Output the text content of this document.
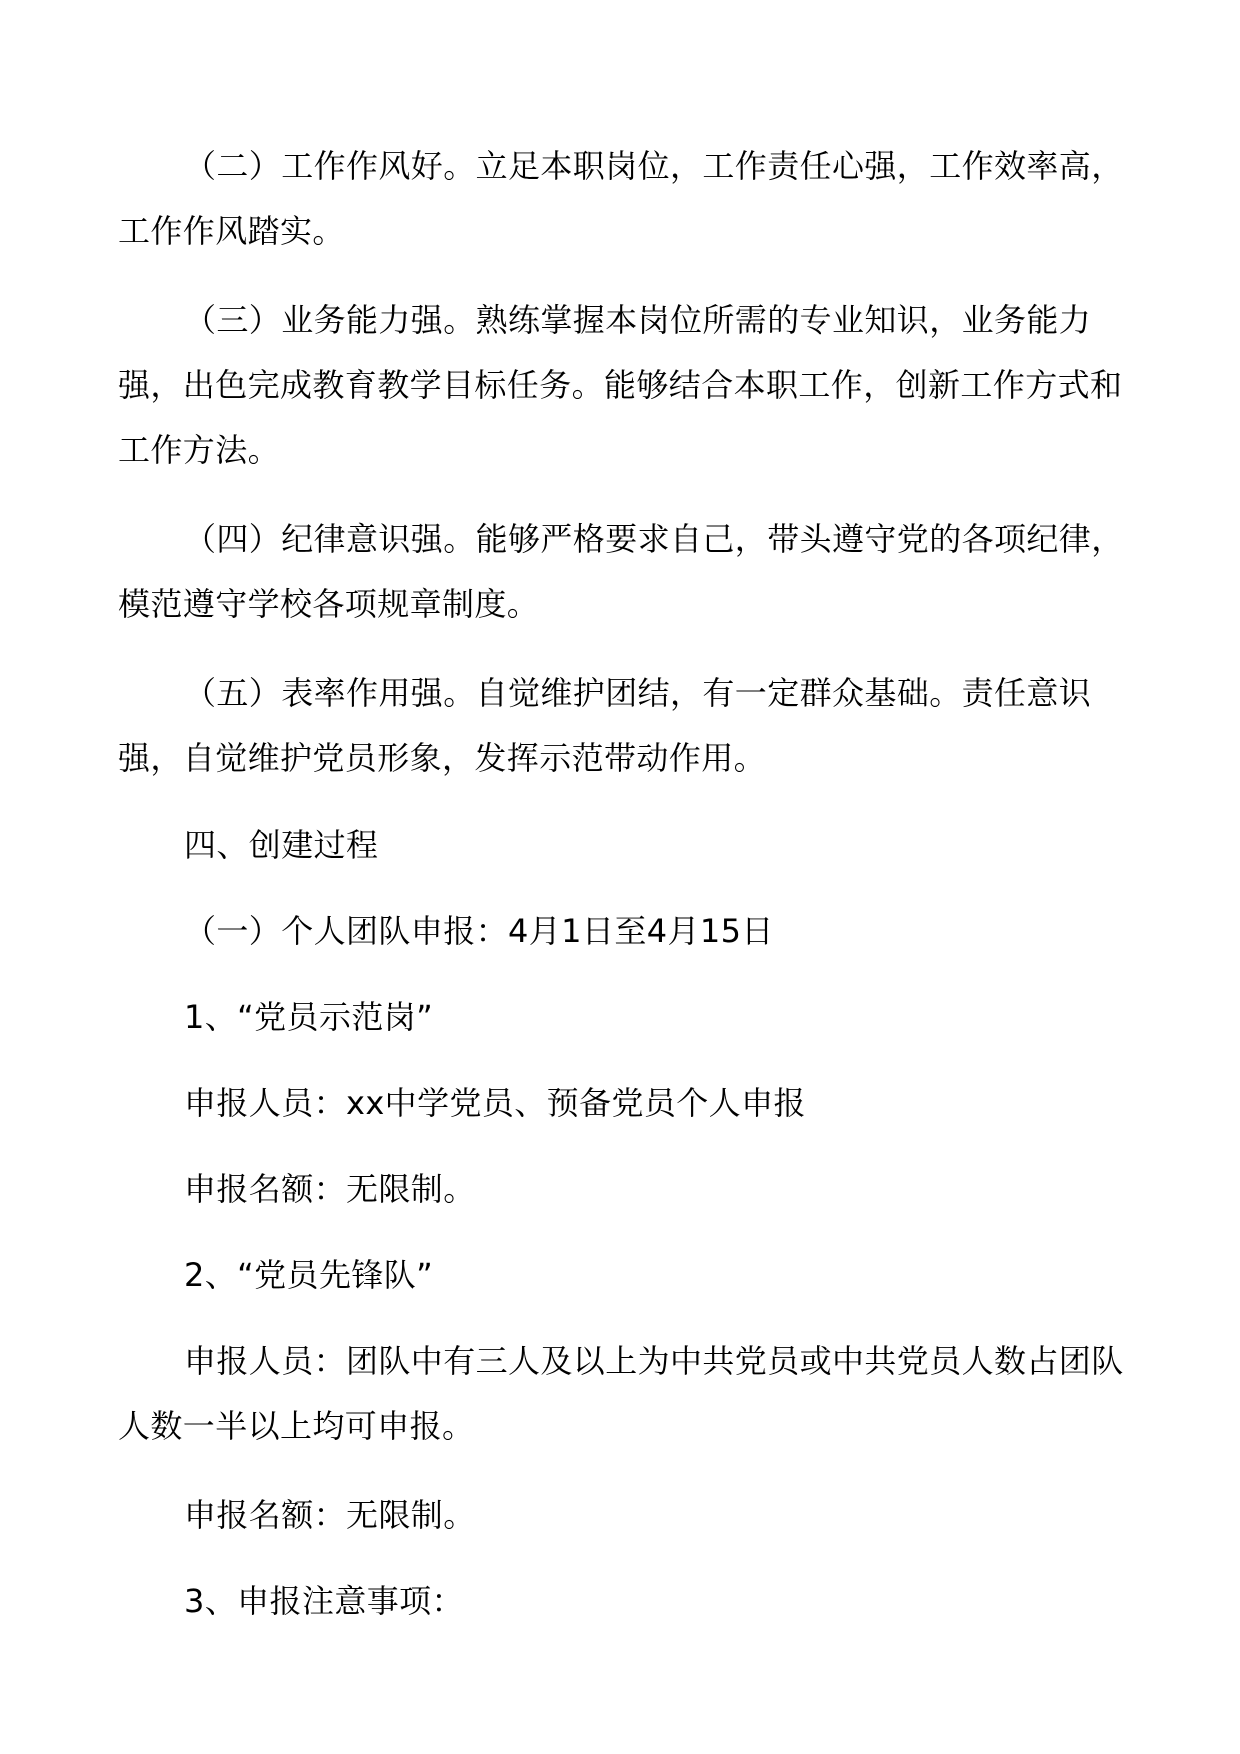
（二）工作作风好。立足本职岗位，工作责任心强，工作效率高，工作作风踏实。

（三）业务能力强。熟练掌握本岗位所需的专业知识，业务能力强，出色完成教育教学目标任务。能够结合本职工作，创新工作方式和工作方法。

（四）纪律意识强。能够严格要求自己，带头遵守党的各项纪律，模范遵守学校各项规章制度。

（五）表率作用强。自觉维护团结，有一定群众基础。责任意识强，自觉维护党员形象，发挥示范带动作用。

四、创建过程

（一）个人团队申报：4月1日至4月15日

1、“党员示范岗”

申报人员：xx中学党员、预备党员个人申报

申报名额：无限制。

2、“党员先锋队”

申报人员：团队中有三人及以上为中共党员或中共党员人数占团队人数一半以上均可申报。

申报名额：无限制。

3、申报注意事项：
